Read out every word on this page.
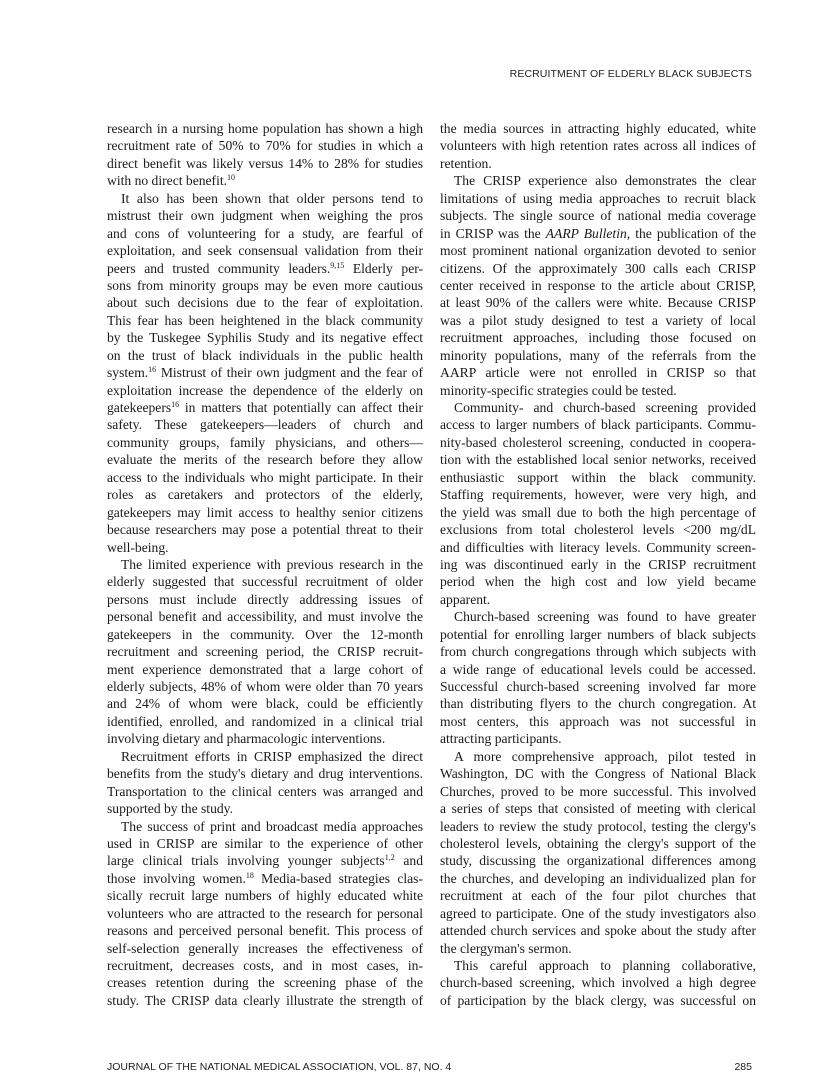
RECRUITMENT OF ELDERLY BLACK SUBJECTS
research in a nursing home population has shown a high
recruitment rate of 50% to 70% for studies in which a
direct benefit was likely versus 14% to 28% for studies
with no direct benefit.$^{10}$
It also has been shown that older persons tend to
mistrust their own judgment when weighing the pros
and cons of volunteering for a study, are fearful of
exploitation, and seek consensual validation from their
peers and trusted community leaders.$^{9,15}$ Elderly per-
sons from minority groups may be even more cautious
about such decisions due to the fear of exploitation.
This fear has been heightened in the black community
by the Tuskegee Syphilis Study and its negative effect
on the trust of black individuals in the public health
system.$^{16}$ Mistrust of their own judgment and the fear of
exploitation increase the dependence of the elderly on
gatekeepers$^{16}$ in matters that potentially can affect their
safety. These gatekeepers—leaders of church and
community groups, family physicians, and others—
evaluate the merits of the research before they allow
access to the individuals who might participate. In their
roles as caretakers and protectors of the elderly,
gatekeepers may limit access to healthy senior citizens
because researchers may pose a potential threat to their
well-being.
The limited experience with previous research in the
elderly suggested that successful recruitment of older
persons must include directly addressing issues of
personal benefit and accessibility, and must involve the
gatekeepers in the community. Over the 12-month
recruitment and screening period, the CRISP recruit-
ment experience demonstrated that a large cohort of
elderly subjects, 48% of whom were older than 70 years
and 24% of whom were black, could be efficiently
identified, enrolled, and randomized in a clinical trial
involving dietary and pharmacologic interventions.
Recruitment efforts in CRISP emphasized the direct
benefits from the study's dietary and drug interventions.
Transportation to the clinical centers was arranged and
supported by the study.
The success of print and broadcast media approaches
used in CRISP are similar to the experience of other
large clinical trials involving younger subjects$^{1,2}$ and
those involving women.$^{18}$ Media-based strategies clas-
sically recruit large numbers of highly educated white
volunteers who are attracted to the research for personal
reasons and perceived personal benefit. This process of
self-selection generally increases the effectiveness of
recruitment, decreases costs, and in most cases, in-
creases retention during the screening phase of the
study. The CRISP data clearly illustrate the strength of
the media sources in attracting highly educated, white
volunteers with high retention rates across all indices of
retention.
The CRISP experience also demonstrates the clear
limitations of using media approaches to recruit black
subjects. The single source of national media coverage
in CRISP was the AARP Bulletin, the publication of the
most prominent national organization devoted to senior
citizens. Of the approximately 300 calls each CRISP
center received in response to the article about CRISP,
at least 90% of the callers were white. Because CRISP
was a pilot study designed to test a variety of local
recruitment approaches, including those focused on
minority populations, many of the referrals from the
AARP article were not enrolled in CRISP so that
minority-specific strategies could be tested.
Community- and church-based screening provided
access to larger numbers of black participants. Commu-
nity-based cholesterol screening, conducted in coopera-
tion with the established local senior networks, received
enthusiastic support within the black community.
Staffing requirements, however, were very high, and
the yield was small due to both the high percentage of
exclusions from total cholesterol levels <200 mg/dL
and difficulties with literacy levels. Community screen-
ing was discontinued early in the CRISP recruitment
period when the high cost and low yield became
apparent.
Church-based screening was found to have greater
potential for enrolling larger numbers of black subjects
from church congregations through which subjects with
a wide range of educational levels could be accessed.
Successful church-based screening involved far more
than distributing flyers to the church congregation. At
most centers, this approach was not successful in
attracting participants.
A more comprehensive approach, pilot tested in
Washington, DC with the Congress of National Black
Churches, proved to be more successful. This involved
a series of steps that consisted of meeting with clerical
leaders to review the study protocol, testing the clergy's
cholesterol levels, obtaining the clergy's support of the
study, discussing the organizational differences among
the churches, and developing an individualized plan for
recruitment at each of the four pilot churches that
agreed to participate. One of the study investigators also
attended church services and spoke about the study after
the clergyman's sermon.
This careful approach to planning collaborative,
church-based screening, which involved a high degree
of participation by the black clergy, was successful on
JOURNAL OF THE NATIONAL MEDICAL ASSOCIATION, VOL. 87, NO. 4	285
